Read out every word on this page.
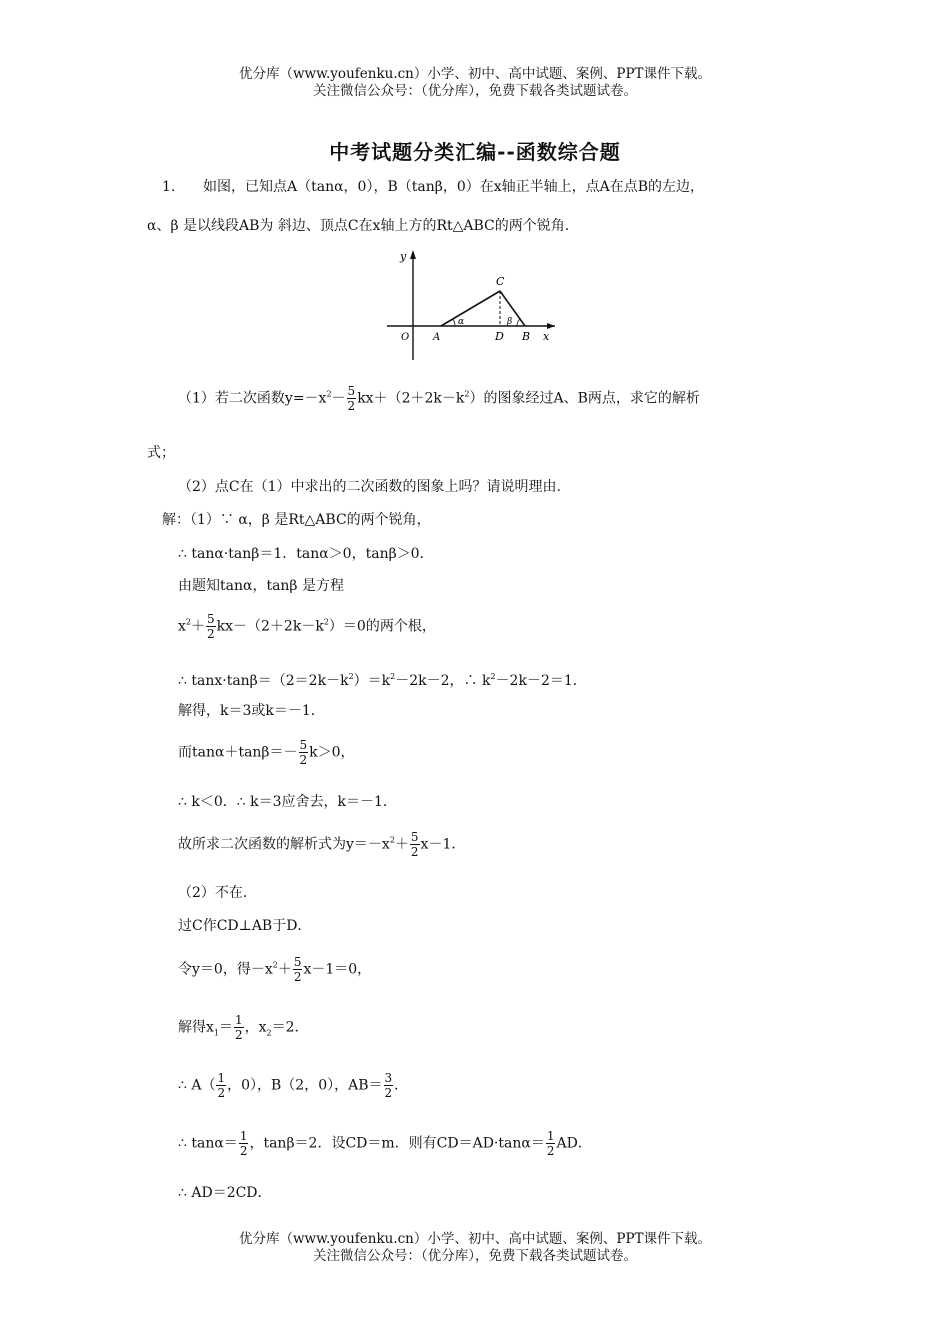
优分库（www.youfenku.cn）小学、初中、高中试题、案例、PPT课件下载。
关注微信公众号：（优分库），免费下载各类试题试卷。
中考试题分类汇编--函数综合题
1. 如图，已知点A（tanα，0），B（tanβ，0）在x轴正半轴上，点A在点B的左边，
α、β 是以线段AB为 斜边、顶点C在x轴上方的Rt△ABC的两个锐角.
y
x
O A	D B
C
α	β
（1）若二次函数$y=-x^2- \frac{5}{2} kx+(2+2k-k^2)$的图象经过A、B两点，求它的解析
式；
（2）点C在（1）中求出的二次函数的图象上吗？请说明理由.
解：（1）∵ α，β 是Rt△ABC的两个锐角，
∴ tanα·tanβ＝1．tanα＞0，tanβ＞0．
由题知tanα，tanβ 是方程
$x^2+ \frac{5}{2} kx-(2+2k-k^2)=0$的两个根，
∴ $\tan x\cdot\tan\beta=(2=2k-k^2)=k^2-2k-2$，∴ $k^2-2k-2=1$．
解得，k＝3或k＝－1．
而$\tan\alpha+\tan\beta=- \frac{5}{2} k>0$，
∴ k＜0．∴ k＝3应舍去，k＝－1．
故所求二次函数的解析式为$y=-x^2+ \frac{5}{2} x-1$．
（2）不在．
过C作CD⊥AB于D．
令y＝0，得$-x^2+ \frac{5}{2} x-1=0$，
解得$x_1= \frac{1}{2}$ ，$x_2=2$．
∴ $A( \frac{1}{2}$ ，0），B（2，0），$AB= \frac{3}{2}$ ．
∴ $\tan\alpha= \frac{1}{2}$ ，tanβ＝2．设CD＝m．则有$CD=AD\cdot\tan\alpha= \frac{1}{2}$ AD．
∴ AD＝2CD．
优分库（www.youfenku.cn）小学、初中、高中试题、案例、PPT课件下载。
关注微信公众号：（优分库），免费下载各类试题试卷。
